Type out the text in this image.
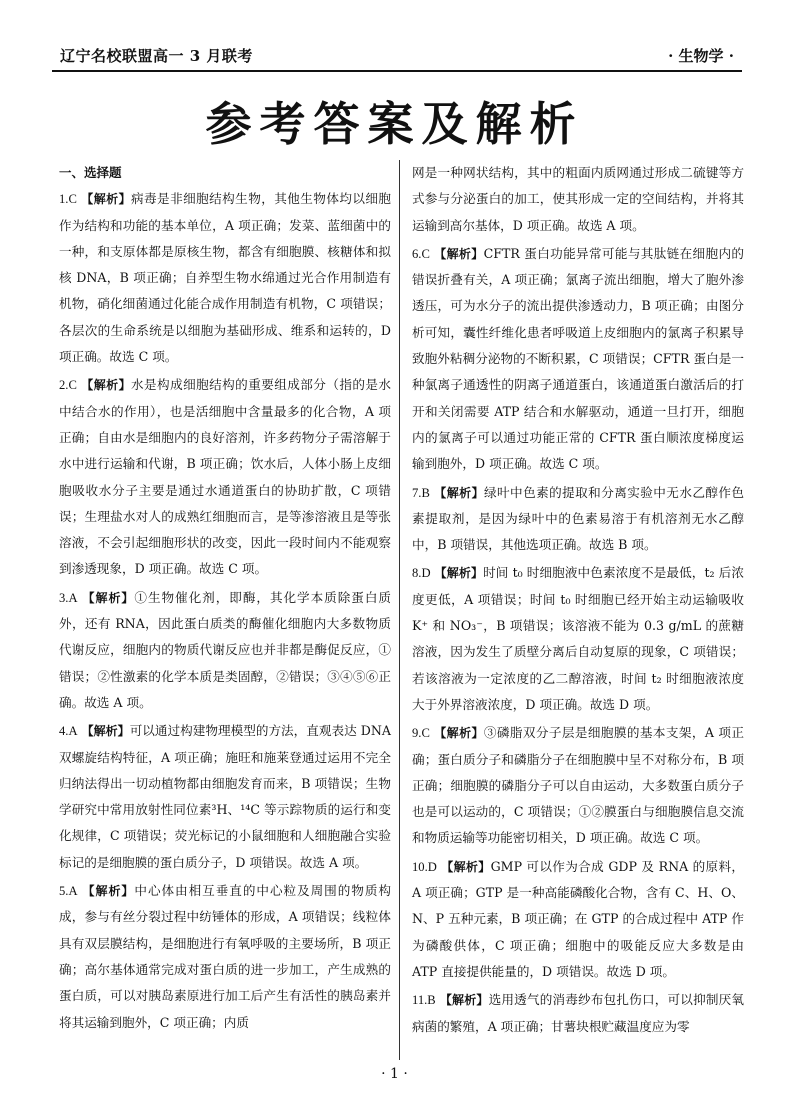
辽宁名校联盟高一 3 月联考	· 生物学 ·
参考答案及解析
一、选择题
1.C 【解析】病毒是非细胞结构生物，其他生物体均以细胞作为结构和功能的基本单位，A 项正确；发菜、蓝细菌中的一种，和支原体都是原核生物，都含有细胞膜、核糖体和拟核 DNA，B 项正确；自养型生物水绵通过光合作用制造有机物，硝化细菌通过化能合成作用制造有机物，C 项错误；各层次的生命系统是以细胞为基础形成、维系和运转的，D 项正确。故选 C 项。
2.C 【解析】水是构成细胞结构的重要组成部分（指的是水中结合水的作用），也是活细胞中含量最多的化合物，A 项正确；自由水是细胞内的良好溶剂，许多药物分子需溶解于水中进行运输和代谢，B 项正确；饮水后，人体小肠上皮细胞吸收水分子主要是通过水通道蛋白的协助扩散，C 项错误；生理盐水对人的成熟红细胞而言，是等渗溶液且是等张溶液，不会引起细胞形状的改变，因此一段时间内不能观察到渗透现象，D 项正确。故选 C 项。
3.A 【解析】①生物催化剂，即酶，其化学本质除蛋白质外，还有 RNA，因此蛋白质类的酶催化细胞内大多数物质代谢反应，细胞内的物质代谢反应也并非都是酶促反应，①错误；②性激素的化学本质是类固醇，②错误；③④⑤⑥正确。故选 A 项。
4.A 【解析】可以通过构建物理模型的方法，直观表达 DNA 双螺旋结构特征，A 项正确；施旺和施莱登通过运用不完全归纳法得出一切动植物都由细胞发育而来，B 项错误；生物学研究中常用放射性同位素³H、¹⁴C 等示踪物质的运行和变化规律，C 项错误；荧光标记的小鼠细胞和人细胞融合实验标记的是细胞膜的蛋白质分子，D 项错误。故选 A 项。
5.A 【解析】中心体由相互垂直的中心粒及周围的物质构成，参与有丝分裂过程中纺锤体的形成，A 项错误；线粒体具有双层膜结构，是细胞进行有氧呼吸的主要场所，B 项正确；高尔基体通常完成对蛋白质的进一步加工，产生成熟的蛋白质，可以对胰岛素原进行加工后产生有活性的胰岛素并将其运输到胞外，C 项正确；内质
网是一种网状结构，其中的粗面内质网通过形成二硫键等方式参与分泌蛋白的加工，使其形成一定的空间结构，并将其运输到高尔基体，D 项正确。故选 A 项。
6.C 【解析】CFTR 蛋白功能异常可能与其肽链在细胞内的错误折叠有关，A 项正确；氯离子流出细胞，增大了胞外渗透压，可为水分子的流出提供渗透动力，B 项正确；由图分析可知，囊性纤维化患者呼吸道上皮细胞内的氯离子积累导致胞外粘稠分泌物的不断积累，C 项错误；CFTR 蛋白是一种氯离子通透性的阴离子通道蛋白，该通道蛋白激活后的打开和关闭需要 ATP 结合和水解驱动，通道一旦打开，细胞内的氯离子可以通过功能正常的 CFTR 蛋白顺浓度梯度运输到胞外，D 项正确。故选 C 项。
7.B 【解析】绿叶中色素的提取和分离实验中无水乙醇作色素提取剂，是因为绿叶中的色素易溶于有机溶剂无水乙醇中，B 项错误，其他选项正确。故选 B 项。
8.D 【解析】时间 t₀ 时细胞液中色素浓度不是最低，t₂ 后浓度更低，A 项错误；时间 t₀ 时细胞已经开始主动运输吸收 K⁺ 和 NO₃⁻，B 项错误；该溶液不能为 0.3 g/mL 的蔗糖溶液，因为发生了质壁分离后自动复原的现象，C 项错误；若该溶液为一定浓度的乙二醇溶液，时间 t₂ 时细胞液浓度大于外界溶液浓度，D 项正确。故选 D 项。
9.C 【解析】③磷脂双分子层是细胞膜的基本支架，A 项正确；蛋白质分子和磷脂分子在细胞膜中呈不对称分布，B 项正确；细胞膜的磷脂分子可以自由运动，大多数蛋白质分子也是可以运动的，C 项错误；①②膜蛋白与细胞膜信息交流和物质运输等功能密切相关，D 项正确。故选 C 项。
10.D 【解析】GMP 可以作为合成 GDP 及 RNA 的原料，A 项正确；GTP 是一种高能磷酸化合物，含有 C、H、O、N、P 五种元素，B 项正确；在 GTP 的合成过程中 ATP 作为磷酸供体，C 项正确；细胞中的吸能反应大多数是由 ATP 直接提供能量的，D 项错误。故选 D 项。
11.B 【解析】选用透气的消毒纱布包扎伤口，可以抑制厌氧病菌的繁殖，A 项正确；甘薯块根贮藏温度应为零
· 1 ·
